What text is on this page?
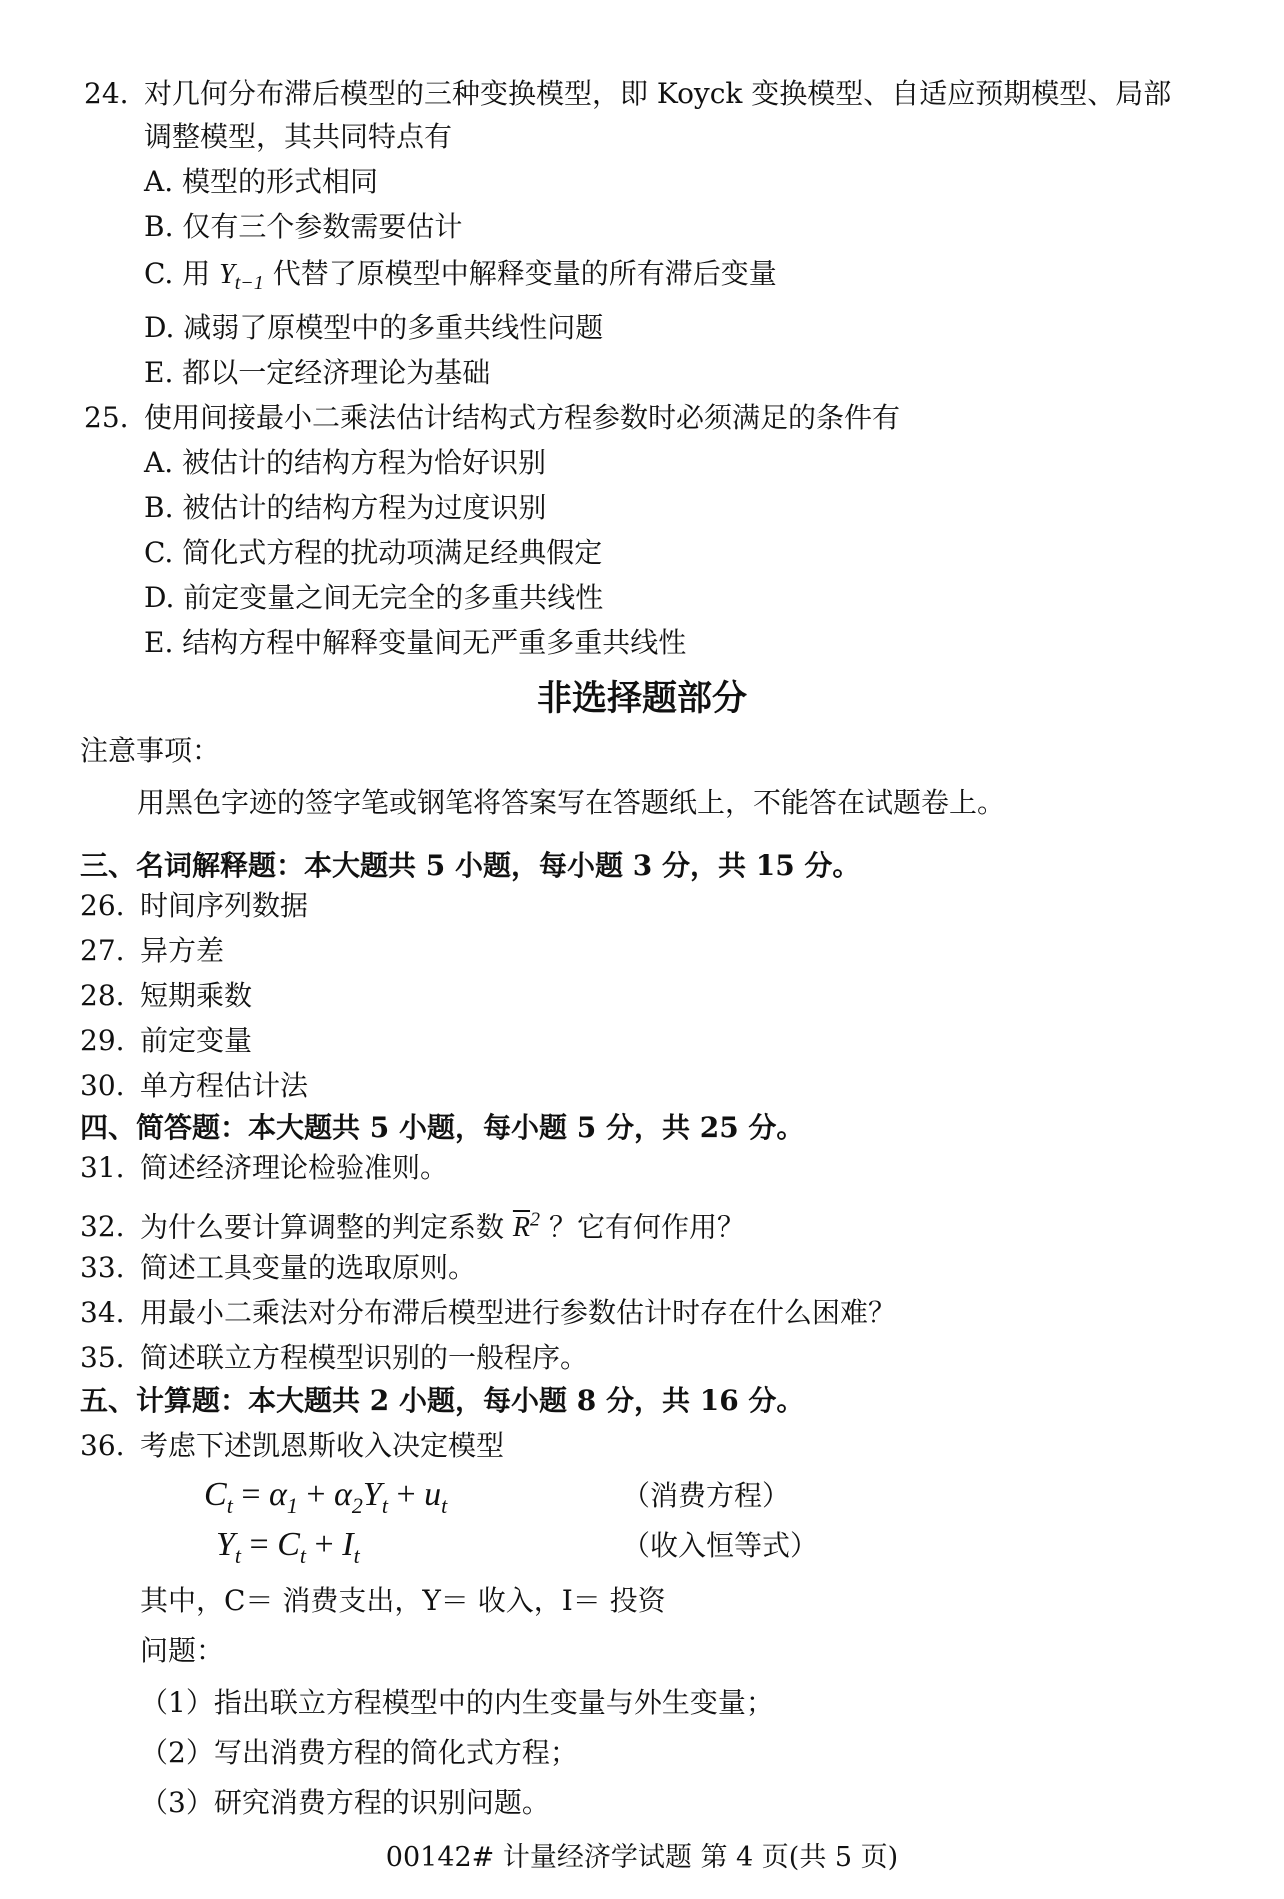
24. 对几何分布滞后模型的三种变换模型，即 Koyck 变换模型、自适应预期模型、局部
调整模型，其共同特点有
A. 模型的形式相同
B. 仅有三个参数需要估计
C. 用 $Y_{t-1}$ 代替了原模型中解释变量的所有滞后变量
D. 减弱了原模型中的多重共线性问题
E. 都以一定经济理论为基础
25. 使用间接最小二乘法估计结构式方程参数时必须满足的条件有
A. 被估计的结构方程为恰好识别
B. 被估计的结构方程为过度识别
C. 简化式方程的扰动项满足经典假定
D. 前定变量之间无完全的多重共线性
E. 结构方程中解释变量间无严重多重共线性
非选择题部分
注意事项：
用黑色字迹的签字笔或钢笔将答案写在答题纸上，不能答在试题卷上。
三、名词解释题：本大题共 5 小题，每小题 3 分，共 15 分。
26. 时间序列数据
27. 异方差
28. 短期乘数
29. 前定变量
30. 单方程估计法
四、简答题：本大题共 5 小题，每小题 5 分，共 25 分。
31. 简述经济理论检验准则。
32. 为什么要计算调整的判定系数 $\overline{R}^2$ ？它有何作用？
33. 简述工具变量的选取原则。
34. 用最小二乘法对分布滞后模型进行参数估计时存在什么困难？
35. 简述联立方程模型识别的一般程序。
五、计算题：本大题共 2 小题，每小题 8 分，共 16 分。
36. 考虑下述凯恩斯收入决定模型
$C_t = \alpha_1 + \alpha_2Y_t + u_t$	（消费方程）
$Y_t = C_t + I_t$	（收入恒等式）
其中，C＝ 消费支出，Y＝ 收入，I＝ 投资
问题：
（1）指出联立方程模型中的内生变量与外生变量；
（2）写出消费方程的简化式方程；
（3）研究消费方程的识别问题。
00142# 计量经济学试题 第 4 页(共 5 页)
